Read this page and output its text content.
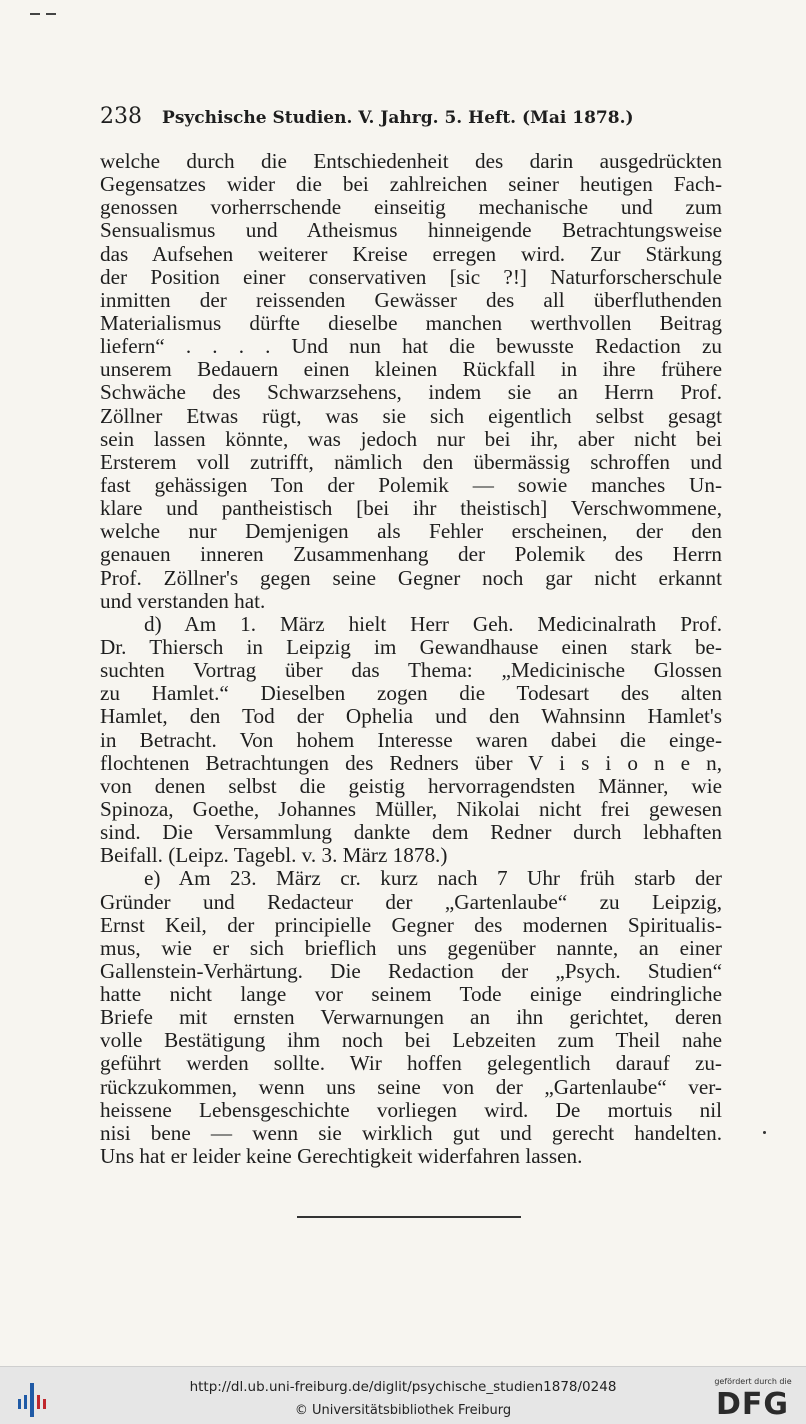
238 Psychische Studien. V. Jahrg. 5. Heft. (Mai 1878.)
welche durch die Entschiedenheit des darin ausgedrückten
Gegensatzes wider die bei zahlreichen seiner heutigen Fach-
genossen vorherrschende einseitig mechanische und zum
Sensualismus und Atheismus hinneigende Betrachtungsweise
das Aufsehen weiterer Kreise erregen wird. Zur Stärkung
der Position einer conservativen [sic ?!] Naturforscherschule
inmitten der reissenden Gewässer des all überfluthenden
Materialismus dürfte dieselbe manchen werthvollen Beitrag
liefern“ . . . . Und nun hat die bewusste Redaction zu
unserem Bedauern einen kleinen Rückfall in ihre frühere
Schwäche des Schwarzsehens, indem sie an Herrn Prof.
Zöllner Etwas rügt, was sie sich eigentlich selbst gesagt
sein lassen könnte, was jedoch nur bei ihr, aber nicht bei
Ersterem voll zutrifft, nämlich den übermässig schroffen und
fast gehässigen Ton der Polemik — sowie manches Un-
klare und pantheistisch [bei ihr theistisch] Verschwommene,
welche nur Demjenigen als Fehler erscheinen, der den
genauen inneren Zusammenhang der Polemik des Herrn
Prof. Zöllner's gegen seine Gegner noch gar nicht erkannt
und verstanden hat.
d) Am 1. März hielt Herr Geh. Medicinalrath Prof.
Dr. Thiersch in Leipzig im Gewandhause einen stark be-
suchten Vortrag über das Thema: „Medicinische Glossen
zu Hamlet.“ Dieselben zogen die Todesart des alten
Hamlet, den Tod der Ophelia und den Wahnsinn Hamlet's
in Betracht. Von hohem Interesse waren dabei die einge-
flochtenen Betrachtungen des Redners über V i s i o n e n,
von denen selbst die geistig hervorragendsten Männer, wie
Spinoza, Goethe, Johannes Müller, Nikolai nicht frei gewesen
sind. Die Versammlung dankte dem Redner durch lebhaften
Beifall. (Leipz. Tagebl. v. 3. März 1878.)
e) Am 23. März cr. kurz nach 7 Uhr früh starb der
Gründer und Redacteur der „Gartenlaube“ zu Leipzig,
Ernst Keil, der principielle Gegner des modernen Spiritualis-
mus, wie er sich brieflich uns gegenüber nannte, an einer
Gallenstein-Verhärtung. Die Redaction der „Psych. Studien“
hatte nicht lange vor seinem Tode einige eindringliche
Briefe mit ernsten Verwarnungen an ihn gerichtet, deren
volle Bestätigung ihm noch bei Lebzeiten zum Theil nahe
geführt werden sollte. Wir hoffen gelegentlich darauf zu-
rückzukommen, wenn uns seine von der „Gartenlaube“ ver-
heissene Lebensgeschichte vorliegen wird. De mortuis nil
nisi bene — wenn sie wirklich gut und gerecht handelten.
Uns hat er leider keine Gerechtigkeit widerfahren lassen.
http://dl.ub.uni-freiburg.de/diglit/psychische_studien1878/0248
© Universitätsbibliothek Freiburg
gefördert durch die
DFG
